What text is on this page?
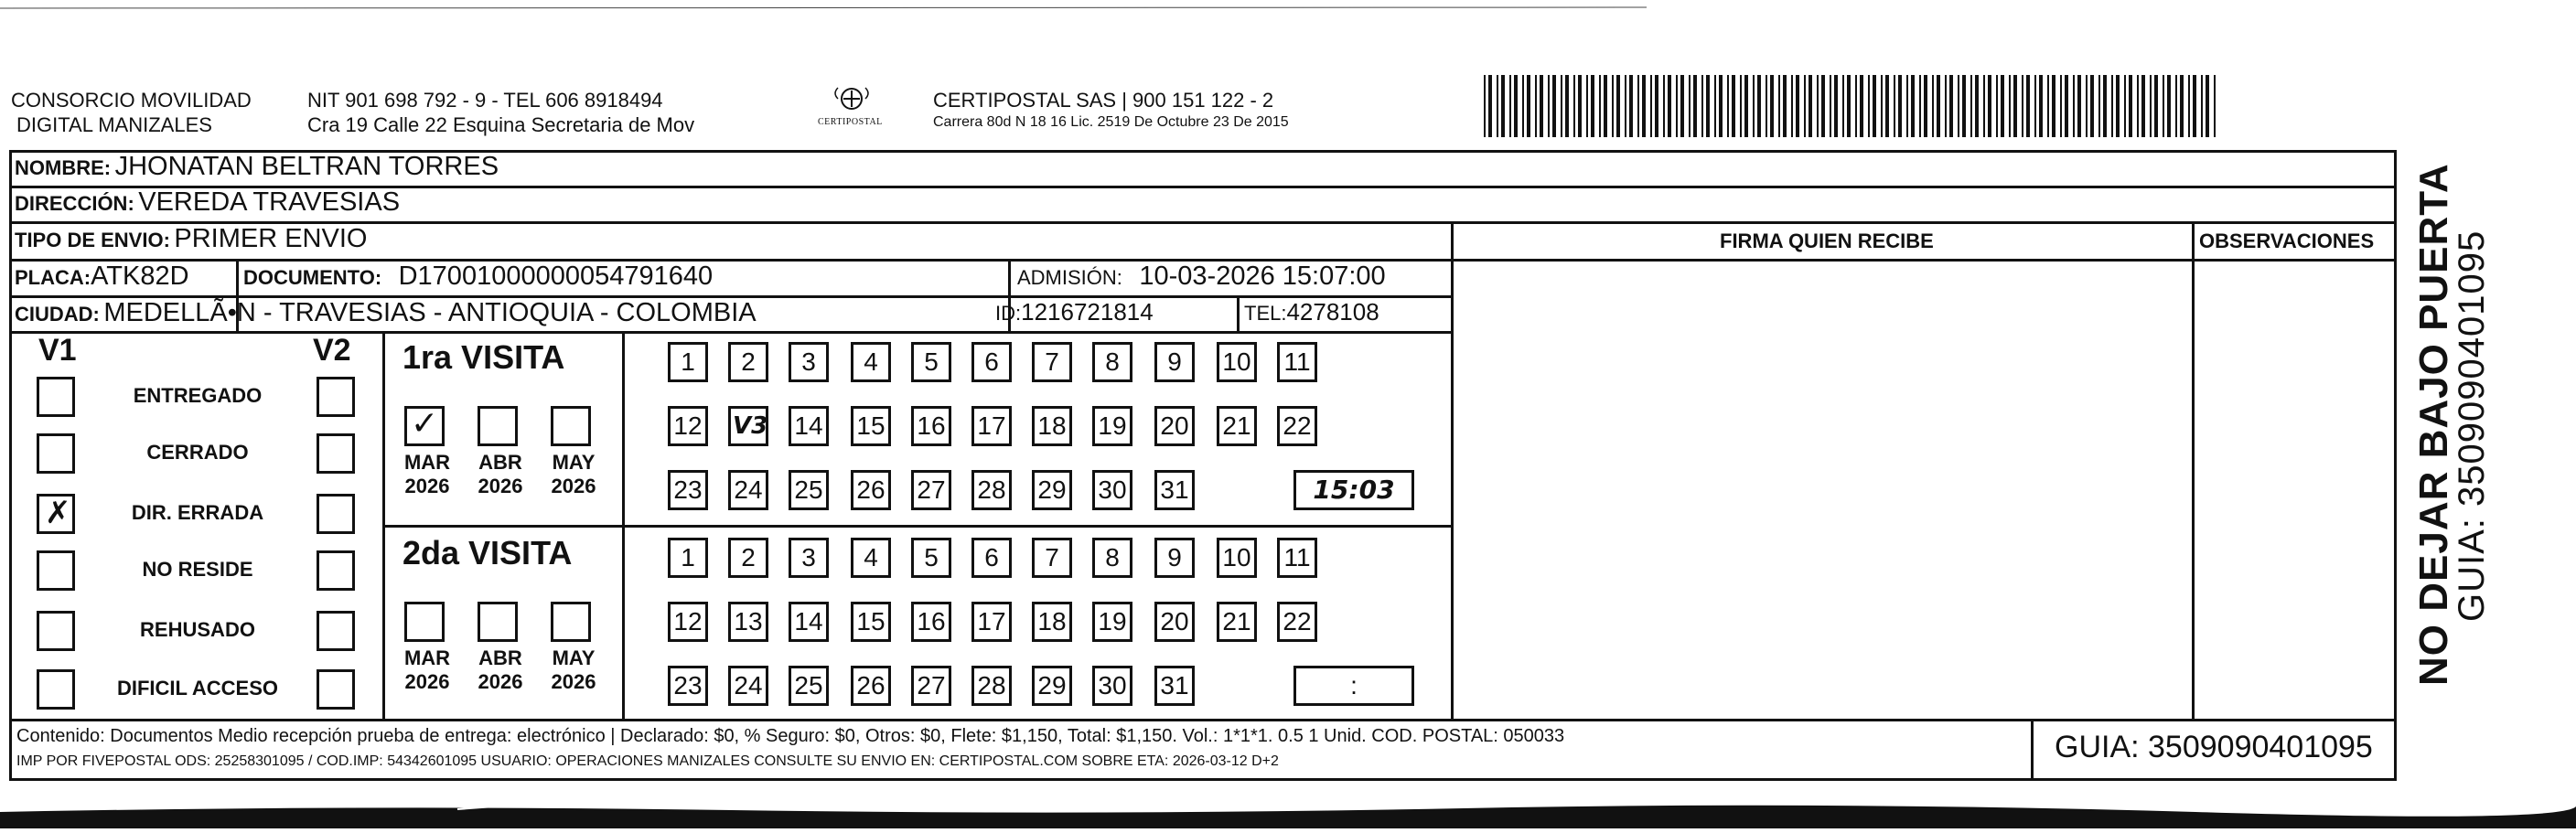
CONSORCIO MOVILIDAD
DIGITAL MANIZALES
NIT 901 698 792 - 9 - TEL 606 8918494
Cra 19 Calle 22 Esquina Secretaria de Mov	CERTIPOSTAL
CERTIPOSTAL SAS | 900 151 122 - 2
Carrera 80d N 18 16 Lic. 2519 De Octubre 23 De 2015
NOMBRE: JHONATAN BELTRAN TORRES
DIRECCIÓN: VEREDA TRAVESIAS
TIPO DE ENVIO: PRIMER ENVIO
PLACA:ATK82D	DOCUMENTO: D17001000000054791640	ADMISIÓN: 10-03-2026 15:07:00
CIUDAD: MEDELLÃ•N - TRAVESIAS - ANTIOQUIA - COLOMBIA	ID:1216721814	TEL:4278108
FIRMA QUIEN RECIBE	OBSERVACIONES
V1	V2
ENTREGADO
CERRADO
✗	DIR. ERRADA
NO RESIDE
REHUSADO
DIFICIL ACCESO
1ra VISITA
✓
MAR
2026
ABR
2026
MAY
2026
1	2	3	4	5	6	7	8	9	10 11
12 V3 14 15 16 17 18 19 20 21 22
23 24 25 26 27 28 29 30 31	15:03
2da VISITA
MAR
2026
ABR
2026
MAY
2026
1	2	3	4	5	6	7	8	9	10 11
12 13 14 15 16 17 18 19 20 21 22
23 24 25 26 27 28 29 30 31	:
Contenido: Documentos Medio recepción prueba de entrega: electrónico | Declarado: $0, % Seguro: $0, Otros: $0, Flete: $1,150, Total: $1,150. Vol.: 1*1*1. 0.5 1 Unid. COD. POSTAL: 050033
IMP POR FIVEPOSTAL ODS: 25258301095 / COD.IMP: 54342601095 USUARIO: OPERACIONES MANIZALES CONSULTE SU ENVIO EN: CERTIPOSTAL.COM SOBRE ETA: 2026-03-12 D+2	GUIA: 3509090401095
NO DEJAR BAJO PUERTA
GUIA: 3509090401095
